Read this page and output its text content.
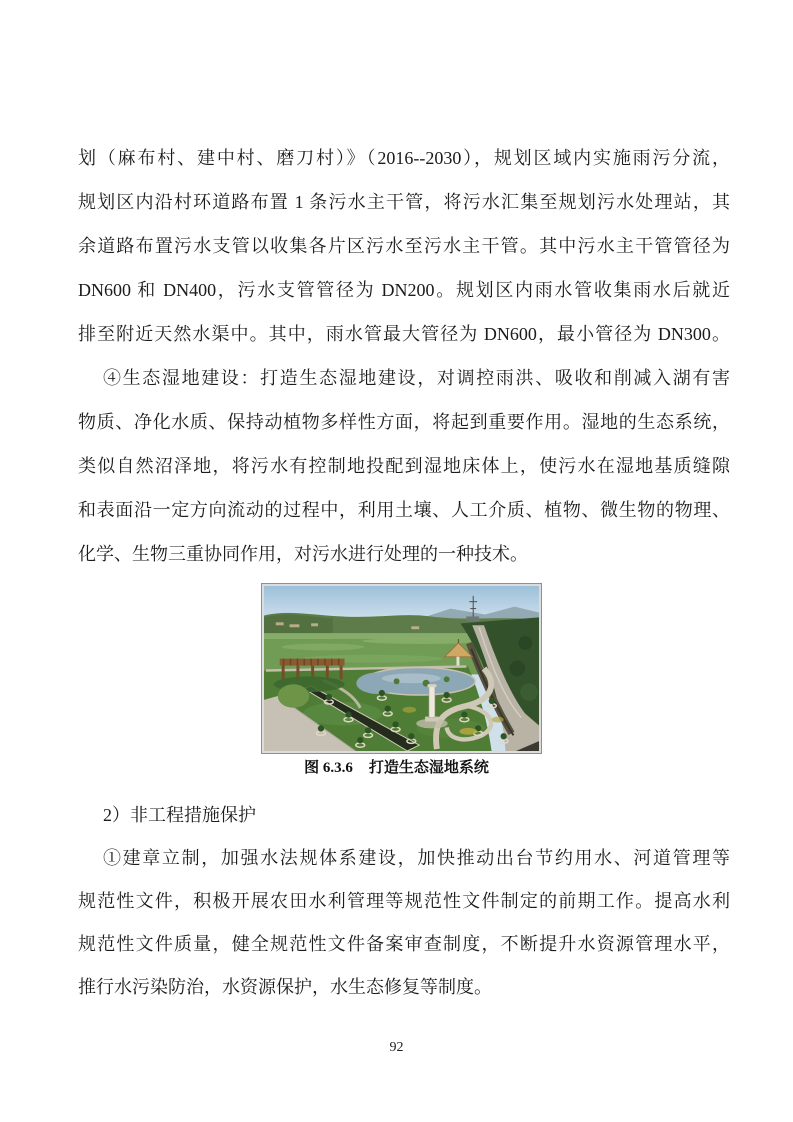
划（麻布村、建中村、磨刀村）》（2016--2030），规划区域内实施雨污分流，
规划区内沿村环道路布置 1 条污水主干管，将污水汇集至规划污水处理站，其
余道路布置污水支管以收集各片区污水至污水主干管。其中污水主干管管径为
DN600 和 DN400，污水支管管径为 DN200。规划区内雨水管收集雨水后就近
排至附近天然水渠中。其中，雨水管最大管径为 DN600，最小管径为 DN300。
④生态湿地建设：打造生态湿地建设，对调控雨洪、吸收和削减入湖有害
物质、净化水质、保持动植物多样性方面，将起到重要作用。湿地的生态系统，
类似自然沼泽地，将污水有控制地投配到湿地床体上，使污水在湿地基质缝隙
和表面沿一定方向流动的过程中，利用土壤、人工介质、植物、微生物的物理、
化学、生物三重协同作用，对污水进行处理的一种技术。
图 6.3.6 打造生态湿地系统
2）非工程措施保护
①建章立制，加强水法规体系建设，加快推动出台节约用水、河道管理等
规范性文件，积极开展农田水利管理等规范性文件制定的前期工作。提高水利
规范性文件质量，健全规范性文件备案审查制度，不断提升水资源管理水平，
推行水污染防治，水资源保护，水生态修复等制度。
92
